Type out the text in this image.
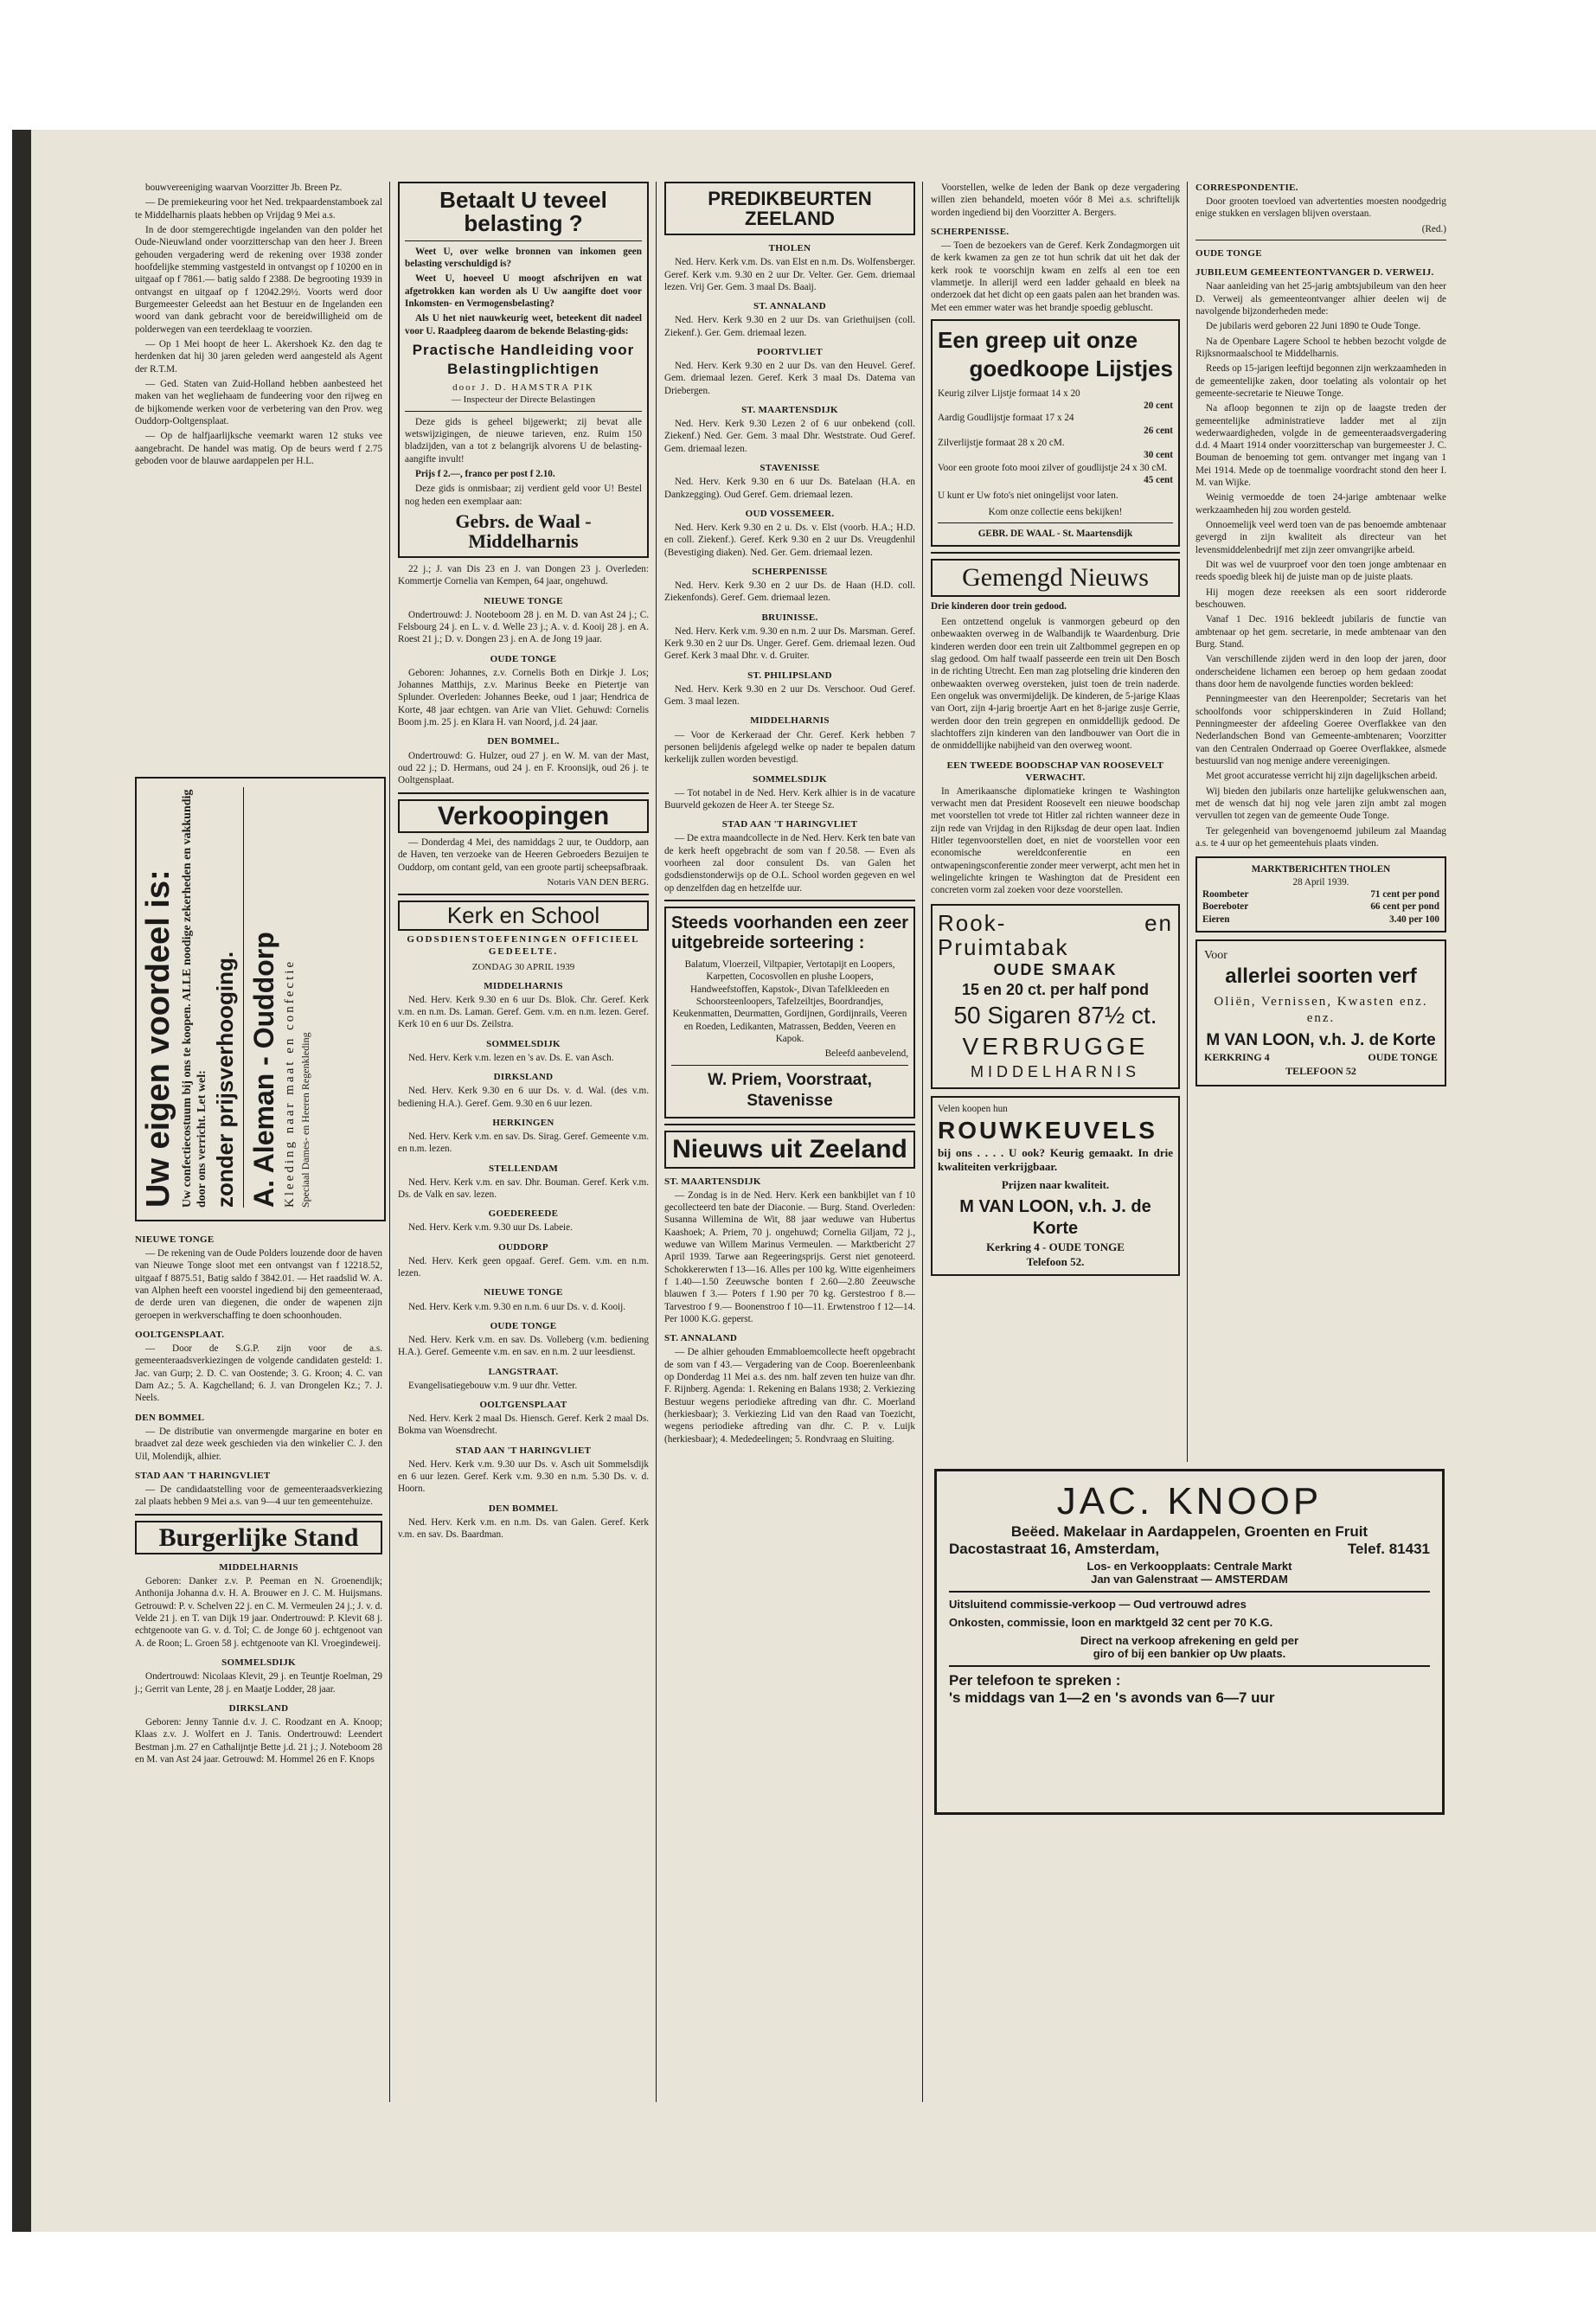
bouwvereeniging waarvan Voorzitter Jb. Breen Pz.

— De premiekeuring voor het Ned. trekpaardenstamboek zal te Middelharnis plaats hebben op Vrijdag 9 Mei a.s.

In de door stemgerechtigde ingelanden van den polder het Oude-Nieuwland onder voorzitterschap van den heer J. Breen gehouden vergadering werd de rekening over 1938 zonder hoofdelijke stemming vastgesteld in ontvangst op f 10200 en in uitgaaf op f 7861.— batig saldo f 2388. De begrooting 1939 in ontvangst en uitgaaf op f 12042.29½. Voorts werd door Burgemeester Geleedst aan het Bestuur en de Ingelanden een woord van dank gebracht voor de bereidwilligheid om de polderwegen van een teerdeklaag te voorzien.

— Op 1 Mei hoopt de heer L. Akershoek Kz. den dag te herdenken dat hij 30 jaren geleden werd aangesteld als Agent der R.T.M.

— Ged. Staten van Zuid-Holland hebben aanbesteed het maken van het wegliehaam de fundeering voor den rijweg en de bijkomende werken voor de verbetering van den Prov. weg Ouddorp-Ooltgensplaat.

— Op de halfjaarlijksche veemarkt waren 12 stuks vee aangebracht. De handel was matig. Op de beurs werd f 2.75 geboden voor de blauwe aardappelen per H.L.

Uw eigen voordeel is: Uw confectiecostuum bij ons te koopen. ALLE noodige zekerheden en vakkundig door ons verricht. Let wel: zonder prijsverhooging. A. Aleman - Ouddorp Kleeding naar maat en confectie Speciaal Dames- en Heeren Regenkleding
NIEUWE TONGE

— De rekening van de Oude Polders louzende door de haven van Nieuwe Tonge sloot met een ontvangst van f 12218.52, uitgaaf f 8875.51, Batig saldo f 3842.01. — Het raadslid W. A. van Alphen heeft een voorstel ingediend bij den gemeenteraad, de derde uren van diegenen, die onder de wapenen zijn geroepen in werkverschaffing te doen schoonhouden.

OOLTGENSPLAAT.

— Door de S.G.P. zijn voor de a.s. gemeenteraadsverkiezingen de volgende candidaten gesteld: 1. Jac. van Gurp; 2. D. C. van Oostende; 3. G. Kroon; 4. C. van Dam Az.; 5. A. Kagchelland; 6. J. van Drongelen Kz.; 7. J. Neels.

DEN BOMMEL

— De distributie van onvermengde margarine en boter en braadvet zal deze week geschieden via den winkelier C. J. den Uil, Molendijk, alhier.

STAD AAN 'T HARINGVLIET

— De candidaatstelling voor de gemeenteraadsverkiezing zal plaats hebben 9 Mei a.s. van 9—4 uur ten gemeentehuize.

Burgerlijke Stand
MIDDELHARNIS

Geboren: Danker z.v. P. Peeman en N. Groenendijk; Anthonija Johanna d.v. H. A. Brouwer en J. C. M. Huijsmans. Getrouwd: P. v. Schelven 22 j. en C. M. Vermeulen 24 j.; J. v. d. Velde 21 j. en T. van Dijk 19 jaar. Ondertrouwd: P. Klevit 68 j. echtgenoote van G. v. d. Tol; C. de Jonge 60 j. echtgenoot van A. de Roon; L. Groen 58 j. echtgenoote van Kl. Vroegindeweij.

SOMMELSDIJK

Ondertrouwd: Nicolaas Klevit, 29 j. en Teuntje Roelman, 29 j.; Gerrit van Lente, 28 j. en Maatje Lodder, 28 jaar.

DIRKSLAND

Geboren: Jenny Tannie d.v. J. C. Roodzant en A. Knoop; Klaas z.v. J. Wolfert en J. Tanis. Ondertrouwd: Leendert Bestman j.m. 27 en Cathalijntje Bette j.d. 21 j.; J. Noteboom 28 en M. van Ast 24 jaar. Getrouwd: M. Hommel 26 en F. Knops

Betaalt U teveel belasting ?

Weet U, over welke bronnen van inkomen geen belasting verschuldigd is?

Weet U, hoeveel U moogt afschrijven en wat afgetrokken kan worden als U Uw aangifte doet voor Inkomsten- en Vermogensbelasting?

Als U het niet nauwkeurig weet, beteekent dit nadeel voor U. Raadpleeg daarom de bekende Belasting-gids:

Practische Handleiding voor Belastingplichtigen
door J. D. HAMSTRA PIK
— Inspecteur der Directe Belastingen

Deze gids is geheel bijgewerkt; zij bevat alle wetswijzigingen, de nieuwe tarieven, enz. Ruim 150 bladzijden, van a tot z belangrijk alvorens U de belasting-aangifte invult!

Prijs f 2.—, franco per post f 2.10.

Deze gids is onmisbaar; zij verdient geld voor U! Bestel nog heden een exemplaar aan:

Gebrs. de Waal - Middelharnis

22 j.; J. van Dis 23 en J. van Dongen 23 j. Overleden: Kommertje Cornelia van Kempen, 64 jaar, ongehuwd.

NIEUWE TONGE

Ondertrouwd: J. Nooteboom 28 j. en M. D. van Ast 24 j.; C. Felsbourg 24 j. en L. v. d. Welle 23 j.; A. v. d. Kooij 28 j. en A. Roest 21 j.; D. v. Dongen 23 j. en A. de Jong 19 jaar.

OUDE TONGE

Geboren: Johannes, z.v. Cornelis Both en Dirkje J. Los; Johannes Matthijs, z.v. Marinus Beeke en Pietertje van Splunder. Overleden: Johannes Beeke, oud 1 jaar; Hendrica de Korte, 48 jaar echtgen. van Arie van Vliet. Gehuwd: Cornelis Boom j.m. 25 j. en Klara H. van Noord, j.d. 24 jaar.

DEN BOMMEL.

Ondertrouwd: G. Hulzer, oud 27 j. en W. M. van der Mast, oud 22 j.; D. Hermans, oud 24 j. en F. Kroonsijk, oud 26 j. te Ooltgensplaat.

Verkoopingen

— Donderdag 4 Mei, des namiddags 2 uur, te Ouddorp, aan de Haven, ten verzoeke van de Heeren Gebroeders Bezuijen te Ouddorp, om contant geld, van een groote partij scheepsafbraak.

Notaris VAN DEN BERG.
Kerk en School
GODSDIENSTOEFENINGEN OFFICIEEL GEDEELTE.
ZONDAG 30 APRIL 1939
MIDDELHARNIS

Ned. Herv. Kerk 9.30 en 6 uur Ds. Blok. Chr. Geref. Kerk v.m. en n.m. Ds. Laman. Geref. Gem. v.m. en n.m. lezen. Geref. Kerk 10 en 6 uur Ds. Zeilstra.

SOMMELSDIJK

Ned. Herv. Kerk v.m. lezen en 's av. Ds. E. van Asch.

DIRKSLAND

Ned. Herv. Kerk 9.30 en 6 uur Ds. v. d. Wal. (des v.m. bediening H.A.). Geref. Gem. 9.30 en 6 uur lezen.

HERKINGEN

Ned. Herv. Kerk v.m. en sav. Ds. Sirag. Geref. Gemeente v.m. en n.m. lezen.

STELLENDAM

Ned. Herv. Kerk v.m. en sav. Dhr. Bouman. Geref. Kerk v.m. Ds. de Valk en sav. lezen.

GOEDEREEDE

Ned. Herv. Kerk v.m. 9.30 uur Ds. Labeie.

OUDDORP

Ned. Herv. Kerk geen opgaaf. Geref. Gem. v.m. en n.m. lezen.

NIEUWE TONGE

Ned. Herv. Kerk v.m. 9.30 en n.m. 6 uur Ds. v. d. Kooij.

OUDE TONGE

Ned. Herv. Kerk v.m. en sav. Ds. Volleberg (v.m. bediening H.A.). Geref. Gemeente v.m. en sav. en n.m. 2 uur leesdienst.

LANGSTRAAT.

Evangelisatiegebouw v.m. 9 uur dhr. Vetter.

OOLTGENSPLAAT

Ned. Herv. Kerk 2 maal Ds. Hiensch. Geref. Kerk 2 maal Ds. Bokma van Woensdrecht.

STAD AAN 'T HARINGVLIET

Ned. Herv. Kerk v.m. 9.30 uur Ds. v. Asch uit Sommelsdijk en 6 uur lezen. Geref. Kerk v.m. 9.30 en n.m. 5.30 Ds. v. d. Hoorn.

DEN BOMMEL

Ned. Herv. Kerk v.m. en n.m. Ds. van Galen. Geref. Kerk v.m. en sav. Ds. Baardman.

PREDIKBEURTEN ZEELAND
THOLEN

Ned. Herv. Kerk v.m. Ds. van Elst en n.m. Ds. Wolfensberger. Geref. Kerk v.m. 9.30 en 2 uur Dr. Velter. Ger. Gem. driemaal lezen. Vrij Ger. Gem. 3 maal Ds. Baaij.

ST. ANNALAND

Ned. Herv. Kerk 9.30 en 2 uur Ds. van Griethuijsen (coll. Ziekenf.). Ger. Gem. driemaal lezen.

POORTVLIET

Ned. Herv. Kerk 9.30 en 2 uur Ds. van den Heuvel. Geref. Gem. driemaal lezen. Geref. Kerk 3 maal Ds. Datema van Driebergen.

ST. MAARTENSDIJK

Ned. Herv. Kerk 9.30 Lezen 2 of 6 uur onbekend (coll. Ziekenf.) Ned. Ger. Gem. 3 maal Dhr. Weststrate. Oud Geref. Gem. driemaal lezen.

STAVENISSE

Ned. Herv. Kerk 9.30 en 6 uur Ds. Batelaan (H.A. en Dankzegging). Oud Geref. Gem. driemaal lezen.

OUD VOSSEMEER.

Ned. Herv. Kerk 9.30 en 2 u. Ds. v. Elst (voorb. H.A.; H.D. en coll. Ziekenf.). Geref. Kerk 9.30 en 2 uur Ds. Vreugdenhil (Bevestiging diaken). Ned. Ger. Gem. driemaal lezen.

SCHERPENISSE

Ned. Herv. Kerk 9.30 en 2 uur Ds. de Haan (H.D. coll. Ziekenfonds). Geref. Gem. driemaal lezen.

BRUINISSE.

Ned. Herv. Kerk v.m. 9.30 en n.m. 2 uur Ds. Marsman. Geref. Kerk 9.30 en 2 uur Ds. Unger. Geref. Gem. driemaal lezen. Oud Geref. Kerk 3 maal Dhr. v. d. Gruiter.

ST. PHILIPSLAND

Ned. Herv. Kerk 9.30 en 2 uur Ds. Verschoor. Oud Geref. Gem. 3 maal lezen.

MIDDELHARNIS

— Voor de Kerkeraad der Chr. Geref. Kerk hebben 7 personen belijdenis afgelegd welke op nader te bepalen datum kerkelijk zullen worden bevestigd.

SOMMELSDIJK

— Tot notabel in de Ned. Herv. Kerk alhier is in de vacature Buurveld gekozen de Heer A. ter Steege Sz.

STAD AAN 'T HARINGVLIET

— De extra maandcollecte in de Ned. Herv. Kerk ten bate van de kerk heeft opgebracht de som van f 20.58. — Even als voorheen zal door consulent Ds. van Galen het godsdienstonderwijs op de O.L. School worden gegeven en wel op denzelfden dag en hetzelfde uur.

Steeds voorhanden een zeer uitgebreide sorteering :

Balatum, Vloerzeil, Viltpapier, Vertotapijt en Loopers, Karpetten, Cocosvollen en plushe Loopers, Handweefstoffen, Kapstok-, Divan Tafelkleeden en Schoorsteenloopers, Tafelzeiltjes, Boordrandjes, Keukenmatten, Deurmatten, Gordijnen, Gordijnrails, Veeren en Roeden, Ledikanten, Matrassen, Bedden, Veeren en Kapok.

Beleefd aanbevelend,
W. Priem, Voorstraat, Stavenisse
Nieuws uit Zeeland
ST. MAARTENSDIJK

— Zondag is in de Ned. Herv. Kerk een bankbijlet van f 10 gecollecteerd ten bate der Diaconie. — Burg. Stand. Overleden: Susanna Willemina de Wit, 88 jaar weduwe van Hubertus Kaashoek; A. Priem, 70 j. ongehuwd; Cornelia Giljam, 72 j., weduwe van Willem Marinus Vermeulen. — Marktbericht 27 April 1939. Tarwe aan Regeeringsprijs. Gerst niet genoteerd. Schokkererwten f 13—16. Alles per 100 kg. Witte eigenheimers f 1.40—1.50 Zeeuwsche bonten f 2.60—2.80 Zeeuwsche blauwen f 3.— Poters f 1.90 per 70 kg. Gerstestroo f 8.— Tarvestroo f 9.— Boonenstroo f 10—11. Erwtenstroo f 12—14. Per 1000 K.G. geperst.

ST. ANNALAND

— De alhier gehouden Emmabloemcollecte heeft opgebracht de som van f 43.— Vergadering van de Coop. Boerenleenbank op Donderdag 11 Mei a.s. des nm. half zeven ten huize van dhr. F. Rijnberg. Agenda: 1. Rekening en Balans 1938; 2. Verkiezing Bestuur wegens periodieke aftreding van dhr. C. Moerland (herkiesbaar); 3. Verkiezing Lid van den Raad van Toezicht, wegens periodieke aftreding van dhr. C. P. v. Luijk (herkiesbaar); 4. Mededeelingen; 5. Rondvraag en Sluiting.

Voorstellen, welke de leden der Bank op deze vergadering willen zien behandeld, moeten vóór 8 Mei a.s. schriftelijk worden ingediend bij den Voorzitter A. Bergers.

SCHERPENISSE.

— Toen de bezoekers van de Geref. Kerk Zondagmorgen uit de kerk kwamen za gen ze tot hun schrik dat uit het dak der kerk rook te voorschijn kwam en zelfs al een toe een vlammetje. In allerijl werd een ladder gehaald en bleek na onderzoek dat het dicht op een gaats palen aan het branden was. Met een emmer water was het brandje spoedig gebluscht.

Een greep uit onze
goedkoope Lijstjes
Keurig zilver Lijstje formaat 14 x 20
20 cent
Aardig Goudlijstje formaat 17 x 24
26 cent
Zilverlijstje formaat 28 x 20 cM.
30 cent
Voor een groote foto mooi zilver of goudlijstje 24 x 30 cM.
45 cent
U kunt er Uw foto's niet oningelijst voor laten.
Kom onze collectie eens bekijken!
GEBR. DE WAAL - St. Maartensdijk
Gemengd Nieuws
Drie kinderen door trein gedood.

Een ontzettend ongeluk is vanmorgen gebeurd op den onbewaakten overweg in de Walbandijk te Waardenburg. Drie kinderen werden door een trein uit Zaltbommel gegrepen en op slag gedood. Om half twaalf passeerde een trein uit Den Bosch in de richting Utrecht. Een man zag plotseling drie kinderen den onbewaakten overweg oversteken, juist toen de trein naderde. Een ongeluk was onvermijdelijk. De kinderen, de 5-jarige Klaas van Oort, zijn 4-jarig broertje Aart en het 8-jarige zusje Gerrie, werden door den trein gegrepen en onmiddellijk gedood. De slachtoffers zijn kinderen van den landbouwer van Oort die in de onmiddellijke nabijheid van den overweg woont.

EEN TWEEDE BOODSCHAP VAN ROOSEVELT VERWACHT.

In Amerikaansche diplomatieke kringen te Washington verwacht men dat President Roosevelt een nieuwe boodschap met voorstellen tot vrede tot Hitler zal richten wanneer deze in zijn rede van Vrijdag in den Rijksdag de deur open laat. Indien Hitler tegenvoorstellen doet, en niet de voorstellen voor een economische wereldconferentie en een ontwapeningsconferentie zonder meer verwerpt, acht men het in welingelichte kringen te Washington dat de President een concreten vorm zal zoeken voor deze voorstellen.

Rook- en Pruimtabak
OUDE SMAAK
15 en 20 ct. per half pond
50 Sigaren 87½ ct.
VERBRUGGE
MIDDELHARNIS
Velen koopen hun
ROUWKEUVELS
bij ons . . . . U ook? Keurig gemaakt. In drie kwaliteiten verkrijgbaar.
Prijzen naar kwaliteit.
M VAN LOON, v.h. J. de Korte
Kerkring 4 - OUDE TONGE
Telefoon 52.
CORRESPONDENTIE.

Door grooten toevloed van advertenties moesten noodgedrig enige stukken en verslagen blijven overstaan.

(Red.)
OUDE TONGE
JUBILEUM GEMEENTEONTVANGER D. VERWEIJ.

Naar aanleiding van het 25-jarig ambtsjubileum van den heer D. Verweij als gemeenteontvanger alhier deelen wij de navolgende bijzonderheden mede:

De jubilaris werd geboren 22 Juni 1890 te Oude Tonge.

Na de Openbare Lagere School te hebben bezocht volgde de Rijksnormaalschool te Middelharnis.

Reeds op 15-jarigen leeftijd begonnen zijn werkzaamheden in de gemeentelijke zaken, door toelating als volontair op het gemeente-secretarie te Nieuwe Tonge.

Na afloop begonnen te zijn op de laagste treden der gemeentelijke administratieve ladder met al zijn wederwaardigheden, volgde in de gemeenteraadsvergadering d.d. 4 Maart 1914 onder voorzitterschap van burgemeester J. C. Bouman de benoeming tot gem. ontvanger met ingang van 1 Mei 1914. Mede op de toenmalige voordracht stond den heer I. M. van Wijke.

Weinig vermoedde de toen 24-jarige ambtenaar welke werkzaamheden hij zou worden gesteld.

Onnoemelijk veel werd toen van de pas benoemde ambtenaar gevergd in zijn kwaliteit als directeur van het levensmiddelenbedrijf met zijn zeer omvangrijke arbeid.

Dit was wel de vuurproef voor den toen jonge ambtenaar en reeds spoedig bleek hij de juiste man op de juiste plaats.

Hij mogen deze reeeksen als een soort ridderorde beschouwen.

Vanaf 1 Dec. 1916 bekleedt jubilaris de functie van ambtenaar op het gem. secretarie, in mede ambtenaar van den Burg. Stand.

Van verschillende zijden werd in den loop der jaren, door onderscheidene lichamen een beroep op hem gedaan zoodat thans door hem de navolgende functies worden bekleed:

Penningmeester van den Heerenpolder; Secretaris van het schoolfonds voor schipperskinderen in Zuid Holland; Penningmeester der afdeeling Goeree Overflakkee van den Nederlandschen Bond van Gemeente-ambtenaren; Voorzitter van den Centralen Onderraad op Goeree Overflakkee, alsmede bestuurslid van nog menige andere vereenigingen.

Met groot accuratesse verricht hij zijn dagelijkschen arbeid.

Wij bieden den jubilaris onze hartelijke gelukwenschen aan, met de wensch dat hij nog vele jaren zijn ambt zal mogen vervullen tot zegen van de gemeente Oude Tonge.

Ter gelegenheid van bovengenoemd jubileum zal Maandag a.s. te 4 uur op het gemeentehuis plaats vinden.

MARKTBERICHTEN THOLEN
28 April 1939.
Roombeter	71 cent per pond
Boereboter	66 cent per pond
Eieren	3.40 per 100
Voor
allerlei soorten verf
Oliën, Vernissen, Kwasten enz. enz.
M VAN LOON, v.h. J. de Korte
KERKRING 4	OUDE TONGE
TELEFOON 52
JAC. KNOOP
Beëed. Makelaar in Aardappelen, Groenten en Fruit
Dacostastraat 16, Amsterdam,	Telef. 81431
Los- en Verkoopplaats: Centrale Markt
Jan van Galenstraat — AMSTERDAM
Uitsluitend commissie-verkoop — Oud vertrouwd adres
Onkosten, commissie, loon en marktgeld 32 cent per 70 K.G.
Direct na verkoop afrekening en geld per
giro of bij een bankier op Uw plaats.
Per telefoon te spreken :
's middags van 1—2 en 's avonds van 6—7 uur
